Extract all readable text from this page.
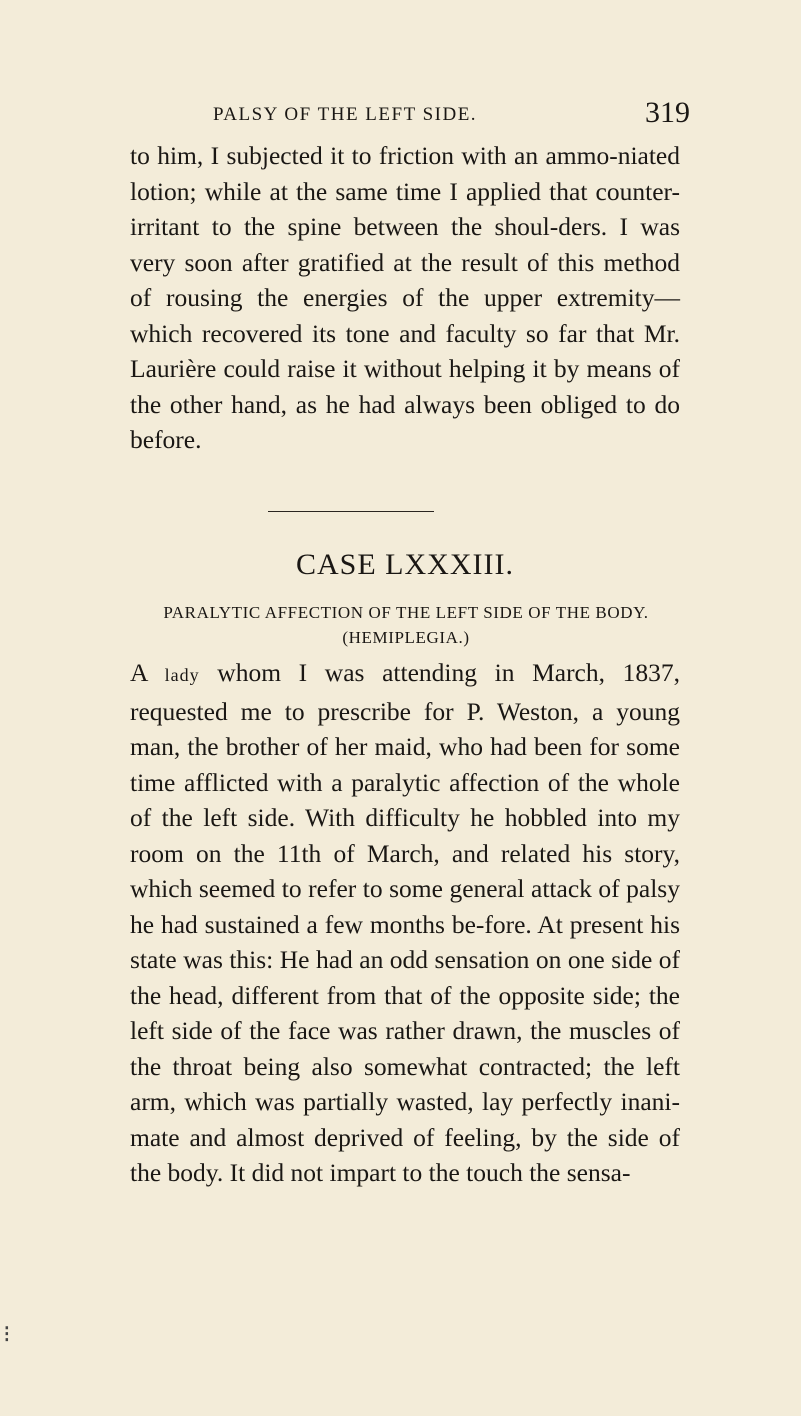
PALSY OF THE LEFT SIDE.	319

to him, I subjected it to friction with an ammo-niated lotion; while at the same time I applied that counter-irritant to the spine between the shoul-ders. I was very soon after gratified at the result of this method of rousing the energies of the upper extremity—which recovered its tone and faculty so far that Mr. Laurière could raise it without helping it by means of the other hand, as he had always been obliged to do before.

CASE LXXXIII.
PARALYTIC AFFECTION OF THE LEFT SIDE OF THE BODY.
(HEMIPLEGIA.)

A lady whom I was attending in March, 1837, requested me to prescribe for P. Weston, a young man, the brother of her maid, who had been for some time afflicted with a paralytic affection of the whole of the left side. With difficulty he hobbled into my room on the 11th of March, and related his story, which seemed to refer to some general attack of palsy he had sustained a few months be-fore. At present his state was this: He had an odd sensation on one side of the head, different from that of the opposite side; the left side of the face was rather drawn, the muscles of the throat being also somewhat contracted; the left arm, which was partially wasted, lay perfectly inani-mate and almost deprived of feeling, by the side of the body. It did not impart to the touch the sensa-

⁝
